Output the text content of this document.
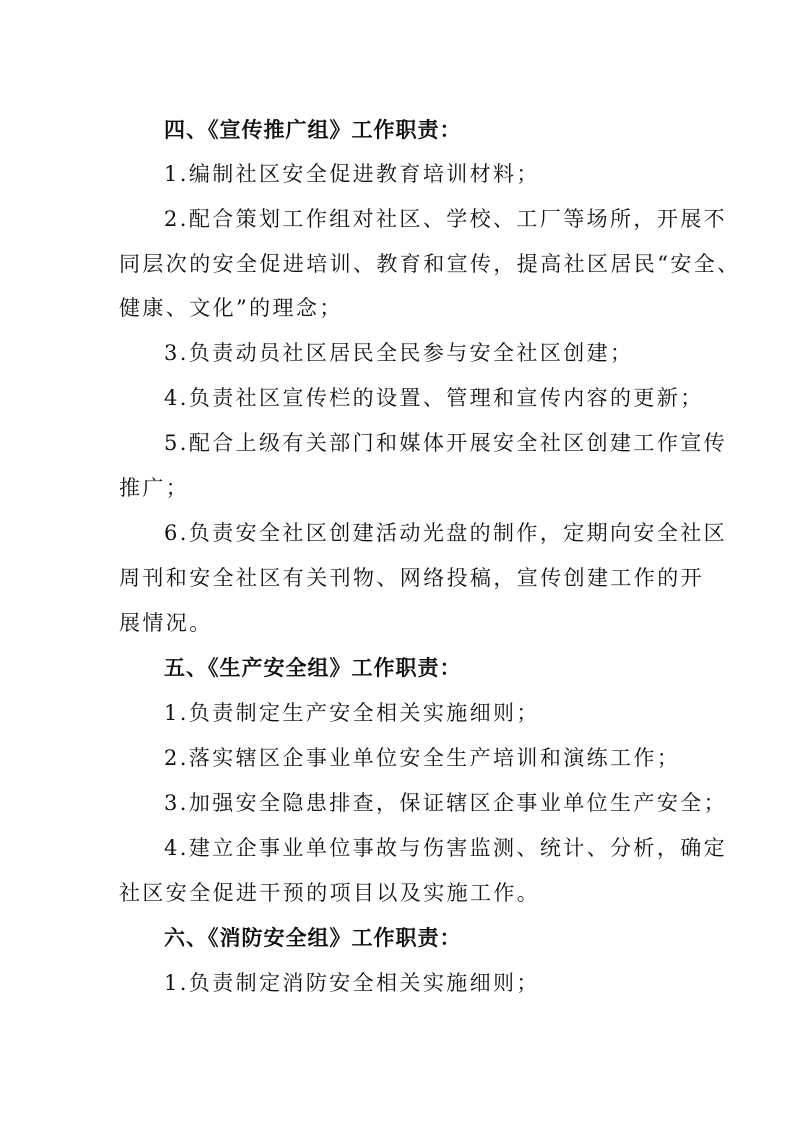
四、《宣传推广组》工作职责：
1.编制社区安全促进教育培训材料；
2.配合策划工作组对社区、学校、工厂等场所，开展不
同层次的安全促进培训、教育和宣传，提高社区居民“安全、
健康、文化”的理念；
3.负责动员社区居民全民参与安全社区创建；
4.负责社区宣传栏的设置、管理和宣传内容的更新；
5.配合上级有关部门和媒体开展安全社区创建工作宣传
推广；
6.负责安全社区创建活动光盘的制作，定期向安全社区
周刊和安全社区有关刊物、网络投稿，宣传创建工作的开
展情况。
五、《生产安全组》工作职责：
1.负责制定生产安全相关实施细则；
2.落实辖区企事业单位安全生产培训和演练工作；
3.加强安全隐患排查，保证辖区企事业单位生产安全；
4.建立企事业单位事故与伤害监测、统计、分析，确定
社区安全促进干预的项目以及实施工作。
六、《消防安全组》工作职责：
1.负责制定消防安全相关实施细则；
